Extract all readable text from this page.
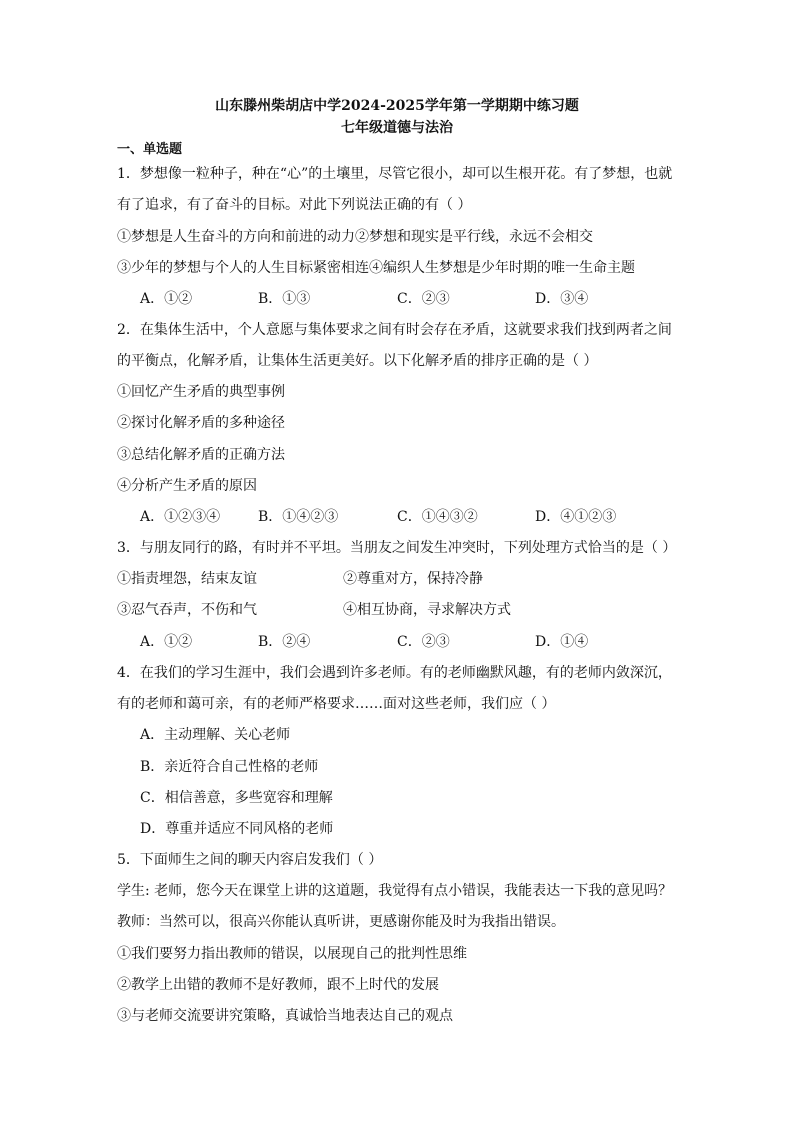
山东滕州柴胡店中学2024-2025学年第一学期期中练习题
七年级道德与法治
一、单选题
1．梦想像一粒种子，种在“心”的土壤里，尽管它很小，却可以生根开花。有了梦想，也就
有了追求，有了奋斗的目标。对此下列说法正确的有（ ）
①梦想是人生奋斗的方向和前进的动力②梦想和现实是平行线，永远不会相交
③少年的梦想与个人的人生目标紧密相连④编织人生梦想是少年时期的唯一生命主题
A．①②	B．①③	C．②③	D．③④
2．在集体生活中，个人意愿与集体要求之间有时会存在矛盾，这就要求我们找到两者之间
的平衡点，化解矛盾，让集体生活更美好。以下化解矛盾的排序正确的是（ ）
①回忆产生矛盾的典型事例
②探讨化解矛盾的多种途径
③总结化解矛盾的正确方法
④分析产生矛盾的原因
A．①②③④	B．①④②③	C．①④③②	D．④①②③
3．与朋友同行的路，有时并不平坦。当朋友之间发生冲突时，下列处理方式恰当的是（ ）
①指责埋怨，结束友谊	②尊重对方，保持冷静
③忍气吞声，不伤和气	④相互协商，寻求解决方式
A．①②	B．②④	C．②③	D．①④
4．在我们的学习生涯中，我们会遇到许多老师。有的老师幽默风趣，有的老师内敛深沉，
有的老师和蔼可亲，有的老师严格要求……面对这些老师，我们应（ ）
A．主动理解、关心老师
B．亲近符合自己性格的老师
C．相信善意，多些宽容和理解
D．尊重并适应不同风格的老师
5．下面师生之间的聊天内容启发我们（ ）
学生: 老师，您今天在课堂上讲的这道题，我觉得有点小错误，我能表达一下我的意见吗？
教师：当然可以，很高兴你能认真听讲，更感谢你能及时为我指出错误。
①我们要努力指出教师的错误，以展现自己的批判性思维
②教学上出错的教师不是好教师，跟不上时代的发展
③与老师交流要讲究策略，真诚恰当地表达自己的观点
